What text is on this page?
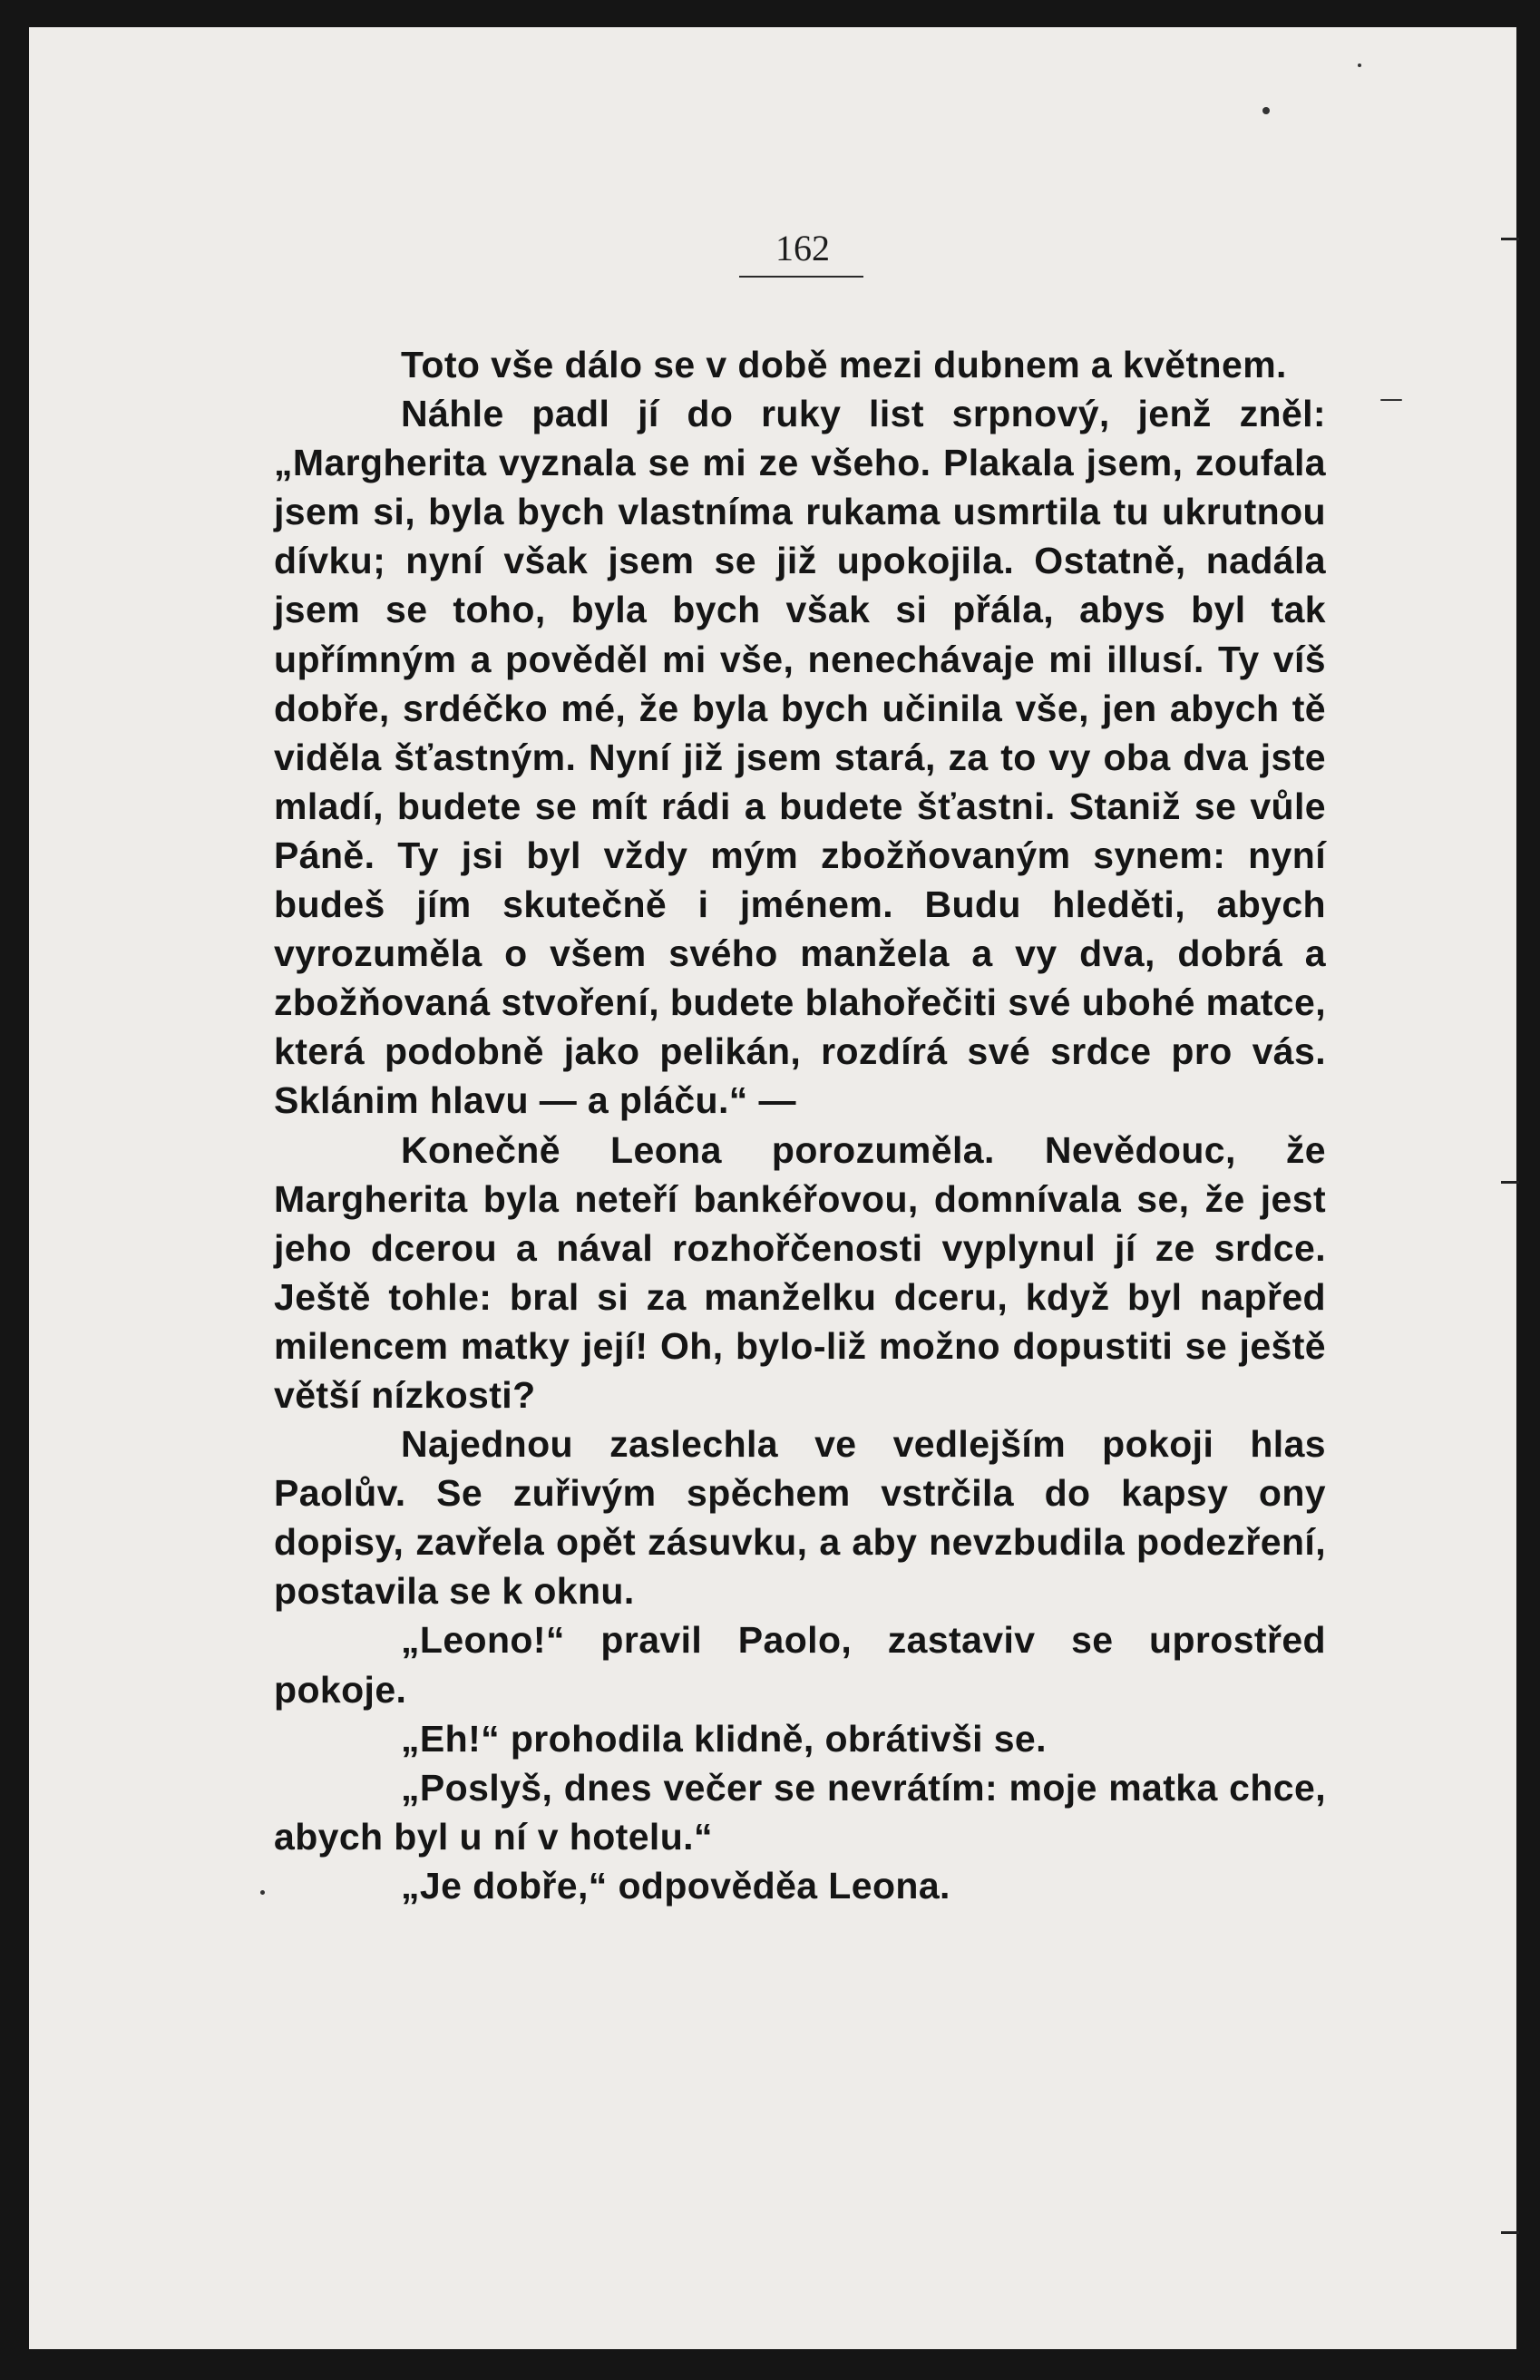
162

Toto vše dálo se v době mezi dubnem a květnem.

Náhle padl jí do ruky list srpnový, jenž zněl: „Margherita vyznala se mi ze všeho. Plakala jsem, zoufala jsem si, byla bych vlastníma rukama usmrtila tu ukrutnou dívku; nyní však jsem se již upokojila. Ostatně, nadála jsem se toho, byla bych však si přála, abys byl tak upřímným a pověděl mi vše, nenechávaje mi illusí. Ty víš dobře, srdéčko mé, že byla bych učinila vše, jen abych tě viděla šťastným. Nyní již jsem stará, za to vy oba dva jste mladí, budete se mít rádi a budete šťastni. Staniž se vůle Páně. Ty jsi byl vždy mým zbožňovaným synem: nyní budeš jím skutečně i jménem. Budu hleděti, abych vyrozuměla o všem svého manžela a vy dva, dobrá a zbožňovaná stvoření, budete blahořečiti své ubohé matce, která podobně jako pelikán, rozdírá své srdce pro vás. Sklánim hlavu — a pláču.“ —

Konečně Leona porozuměla. Nevědouc, že Margherita byla neteří bankéřovou, domnívala se, že jest jeho dcerou a nával rozhořčenosti vyplynul jí ze srdce. Ještě tohle: bral si za manželku dceru, když byl napřed milencem matky její! Oh, bylo-liž možno dopustiti se ještě větší nízkosti?

Najednou zaslechla ve vedlejším pokoji hlas Paolův. Se zuřivým spěchem vstrčila do kapsy ony dopisy, zavřela opět zásuvku, a aby nevzbudila podezření, postavila se k oknu.

„Leono!“ pravil Paolo, zastaviv se uprostřed pokoje.

„Eh!“ prohodila klidně, obrátivši se.

„Poslyš, dnes večer se nevrátím: moje matka chce, abych byl u ní v hotelu.“

„Je dobře,“ odpověděa Leona.
